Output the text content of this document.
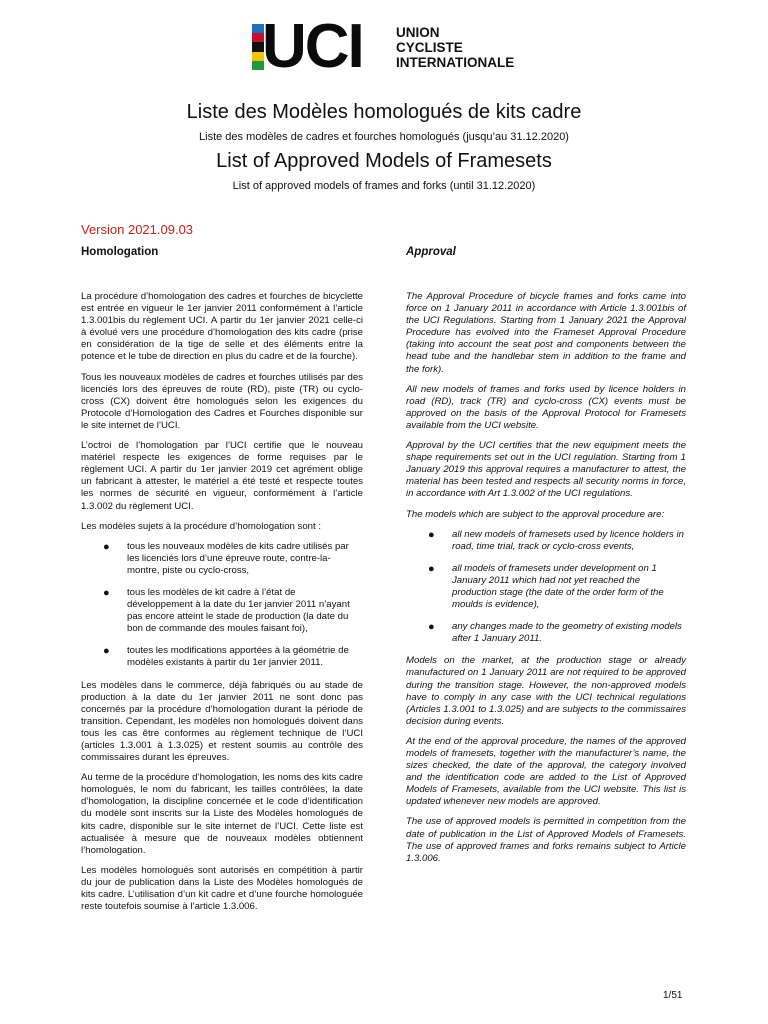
UCI UNION
CYCLISTE
INTERNATIONALE
Liste des Modèles homologués de kits cadre
Liste des modèles de cadres et fourches homologués (jusqu’au 31.12.2020)
List of Approved Models of Framesets
List of approved models of frames and forks (until 31.12.2020)
Version 2021.09.03
Homologation	Approval

La procédure d’homologation des cadres et fourches de bicyclette est entrée en vigueur le 1er janvier 2011 conformément à l’article 1.3.001bis du règlement UCI. A partir du 1er janvier 2021 celle-ci à évolué vers une procédure d’homologation des kits cadre (prise en considération de la tige de selle et des éléments entre la potence et le tube de direction en plus du cadre et de la fourche).

Tous les nouveaux modèles de cadres et fourches utilisés par des licenciés lors des épreuves de route (RD), piste (TR) ou cyclo-cross (CX) doivent être homologués selon les exigences du Protocole d’Homologation des Cadres et Fourches disponible sur le site internet de l’UCI.

L’octroi de l’homologation par l’UCI certifie que le nouveau matériel respecte les exigences de forme requises par le règlement UCI. A partir du 1er janvier 2019 cet agrément oblige un fabricant à attester, le matériel a été testé et respecte toutes les normes de sécurité en vigueur, conformément à l’article 1.3.002 du règlement UCI.

Les modèles sujets à la procédure d’homologation sont :

● tous les nouveaux modèles de kits cadre utilisés par les licenciés lors d’une épreuve route, contre-la-montre, piste ou cyclo-cross,
● tous les modèles de kit cadre à l’état de développement à la date du 1er janvier 2011 n’ayant pas encore atteint le stade de production (la date du bon de commande des moules faisant foi),
● toutes les modifications apportées à la géométrie de modèles existants à partir du 1er janvier 2011.

Les modèles dans le commerce, déjà fabriqués ou au stade de production à la date du 1er janvier 2011 ne sont donc pas concernés par la procédure d’homologation durant la période de transition. Cependant, les modèles non homologués doivent dans tous les cas être conformes au règlement technique de l’UCI (articles 1.3.001 à 1.3.025) et restent soumis au contrôle des commissaires durant les épreuves.

Au terme de la procédure d’homologation, les noms des kits cadre homologués, le nom du fabricant, les tailles contrôlées, la date d’homologation, la discipline concernée et le code d’identification du modèle sont inscrits sur la Liste des Modèles homologués de kits cadre, disponible sur le site internet de l’UCI. Cette liste est actualisée à mesure que de nouveaux modèles obtiennent l’homologation.

Les modèles homologués sont autorisés en compétition à partir du jour de publication dans la Liste des Modèles homologués de kits cadre. L’utilisation d’un kit cadre et d’une fourche homologuée reste toutefois soumise à l’article 1.3.006.

The Approval Procedure of bicycle frames and forks came into force on 1 January 2011 in accordance with Article 1.3.001bis of the UCI Regulations. Starting from 1 January 2021 the Approval Procedure has evolved into the Frameset Approval Procedure (taking into account the seat post and components between the head tube and the handlebar stem in addition to the frame and the fork).

All new models of frames and forks used by licence holders in road (RD), track (TR) and cyclo-cross (CX) events must be approved on the basis of the Approval Protocol for Framesets available from the UCI website.

Approval by the UCI certifies that the new equipment meets the shape requirements set out in the UCI regulation. Starting from 1 January 2019 this approval requires a manufacturer to attest, the material has been tested and respects all security norms in force, in accordance with Art 1.3.002 of the UCI regulations.

The models which are subject to the approval procedure are:

● all new models of framesets used by licence holders in road, time trial, track or cyclo-cross events,
● all models of framesets under development on 1 January 2011 which had not yet reached the production stage (the date of the order form of the moulds is evidence),
● any changes made to the geometry of existing models after 1 January 2011.

Models on the market, at the production stage or already manufactured on 1 January 2011 are not required to be approved during the transition stage. However, the non-approved models have to comply in any case with the UCI technical regulations (Articles 1.3.001 to 1.3.025) and are subjects to the commissaires decision during events.

At the end of the approval procedure, the names of the approved models of framesets, together with the manufacturer’s name, the sizes checked, the date of the approval, the category involved and the identification code are added to the List of Approved Models of Framesets, available from the UCI website. This list is updated whenever new models are approved.

The use of approved models is permitted in competition from the date of publication in the List of Approved Models of Framesets. The use of approved frames and forks remains subject to Article 1.3.006.

1/51
